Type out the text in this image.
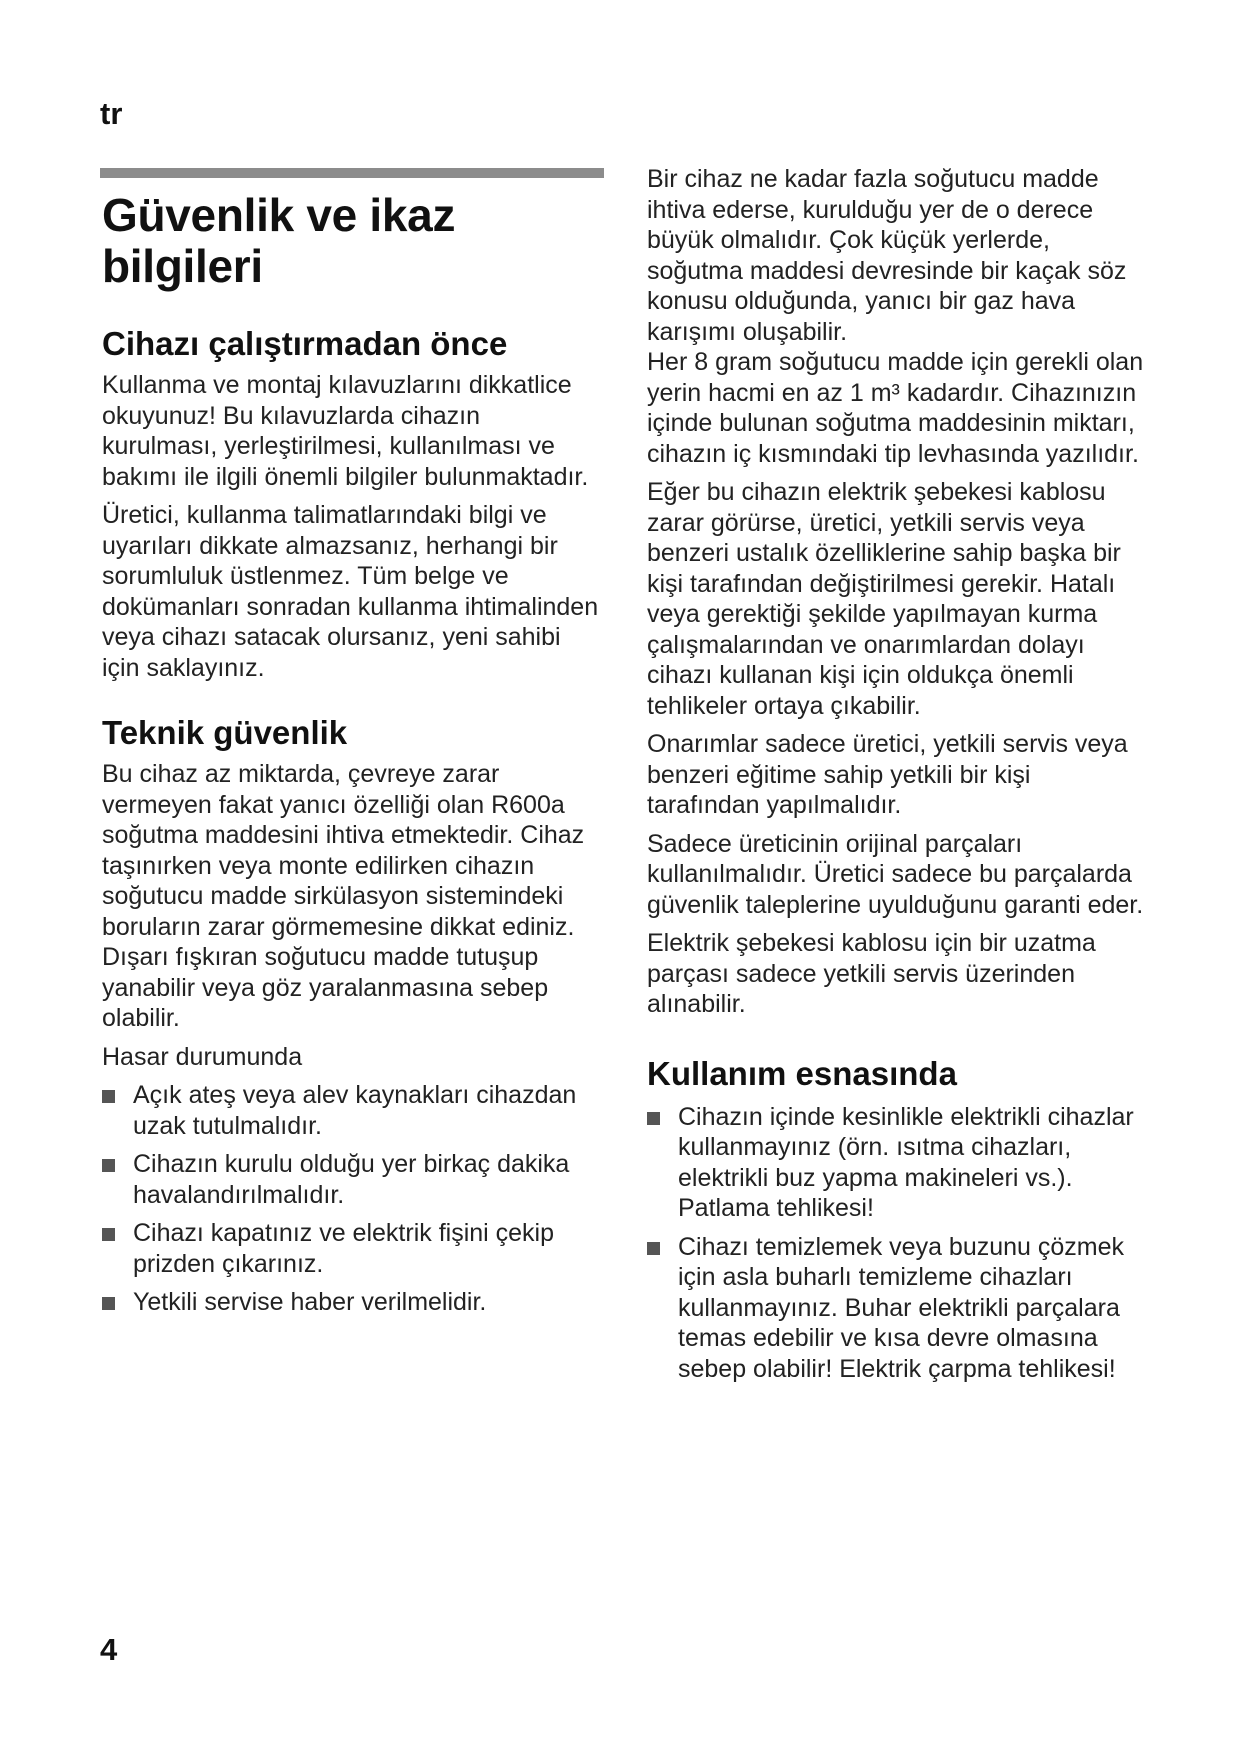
tr
Güvenlik ve ikaz bilgileri
Cihazı çalıştırmadan önce

Kullanma ve montaj kılavuzlarını dikkatlice okuyunuz! Bu kılavuzlarda cihazın kurulması, yerleştirilmesi, kullanılması ve bakımı ile ilgili önemli bilgiler bulunmaktadır.

Üretici, kullanma talimatlarındaki bilgi ve uyarıları dikkate almazsanız, herhangi bir sorumluluk üstlenmez. Tüm belge ve dokümanları sonradan kullanma ihtimalinden veya cihazı satacak olursanız, yeni sahibi için saklayınız.

Teknik güvenlik

Bu cihaz az miktarda, çevreye zarar vermeyen fakat yanıcı özelliği olan R600a soğutma maddesini ihtiva etmektedir. Cihaz taşınırken veya monte edilirken cihazın soğutucu madde sirkülasyon sistemindeki boruların zarar görmemesine dikkat ediniz. Dışarı fışkıran soğutucu madde tutuşup yanabilir veya göz yaralanmasına sebep olabilir.

Hasar durumunda

Açık ateş veya alev kaynakları cihazdan uzak tutulmalıdır.
Cihazın kurulu olduğu yer birkaç dakika havalandırılmalıdır.
Cihazı kapatınız ve elektrik fişini çekip prizden çıkarınız.
Yetkili servise haber verilmelidir.

Bir cihaz ne kadar fazla soğutucu madde ihtiva ederse, kurulduğu yer de o derece büyük olmalıdır. Çok küçük yerlerde, soğutma maddesi devresinde bir kaçak söz konusu olduğunda, yanıcı bir gaz hava karışımı oluşabilir.

Her 8 gram soğutucu madde için gerekli olan yerin hacmi en az 1 m³ kadardır. Cihazınızın içinde bulunan soğutma maddesinin miktarı, cihazın iç kısmındaki tip levhasında yazılıdır.

Eğer bu cihazın elektrik şebekesi kablosu zarar görürse, üretici, yetkili servis veya benzeri ustalık özelliklerine sahip başka bir kişi tarafından değiştirilmesi gerekir. Hatalı veya gerektiği şekilde yapılmayan kurma çalışmalarından ve onarımlardan dolayı cihazı kullanan kişi için oldukça önemli tehlikeler ortaya çıkabilir.

Onarımlar sadece üretici, yetkili servis veya benzeri eğitime sahip yetkili bir kişi tarafından yapılmalıdır.

Sadece üreticinin orijinal parçaları kullanılmalıdır. Üretici sadece bu parçalarda güvenlik taleplerine uyulduğunu garanti eder.

Elektrik şebekesi kablosu için bir uzatma parçası sadece yetkili servis üzerinden alınabilir.

Kullanım esnasında
Cihazın içinde kesinlikle elektrikli cihazlar kullanmayınız (örn. ısıtma cihazları, elektrikli buz yapma makineleri vs.). Patlama tehlikesi!
Cihazı temizlemek veya buzunu çözmek için asla buharlı temizleme cihazları kullanmayınız. Buhar elektrikli parçalara temas edebilir ve kısa devre olmasına sebep olabilir! Elektrik çarpma tehlikesi!
4
